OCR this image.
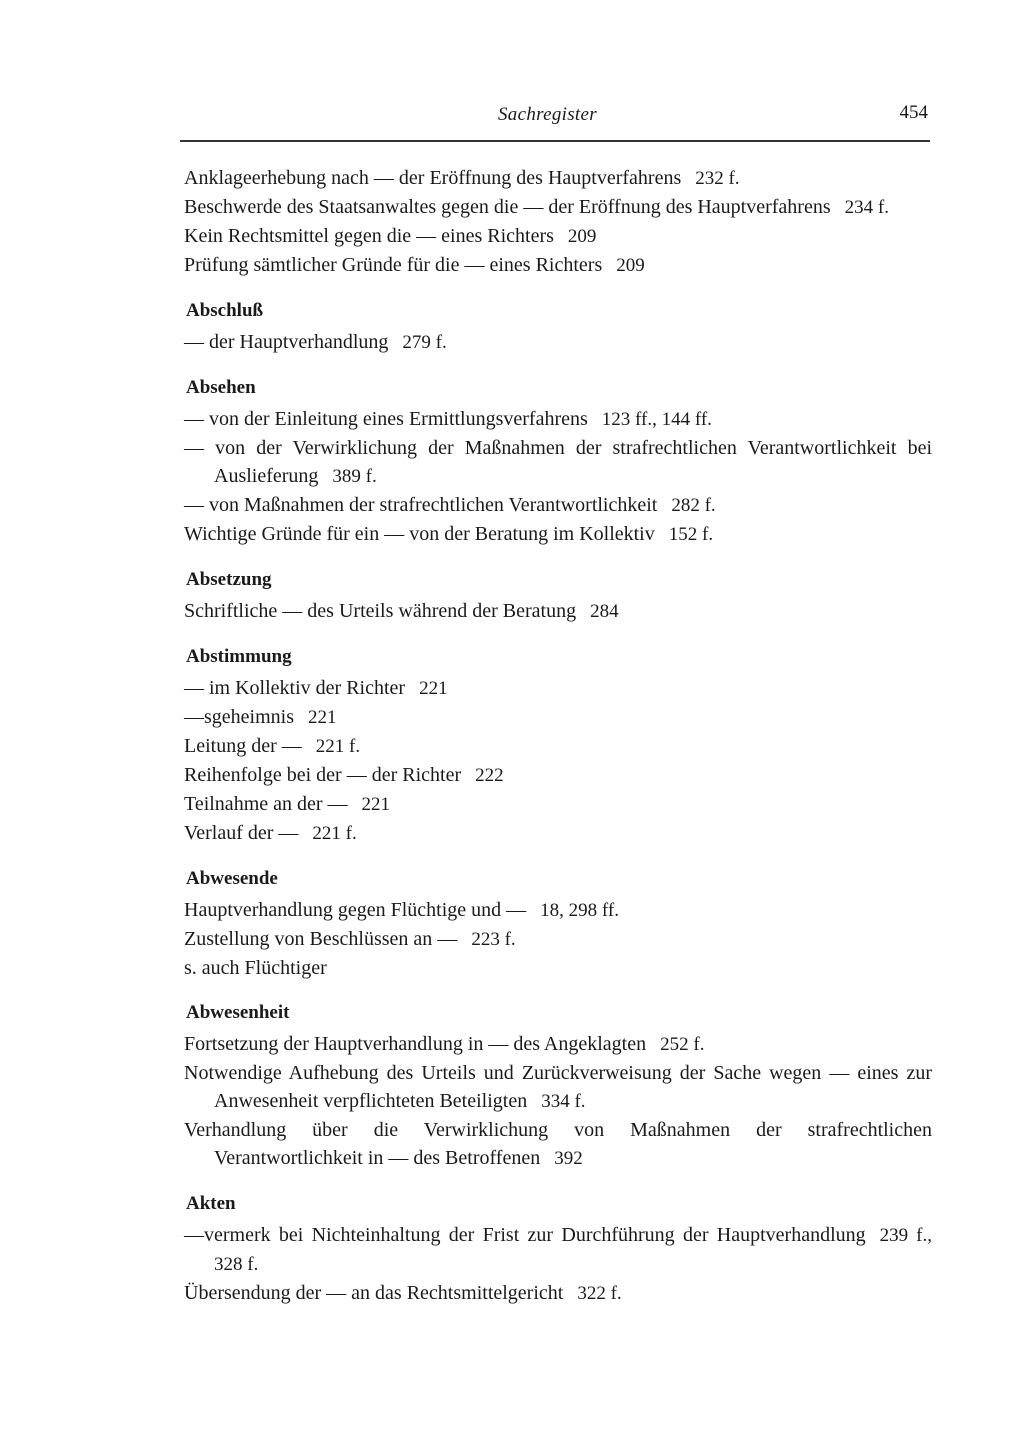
Sachregister	454

Anklageerhebung nach — der Eröffnung des Hauptverfahrens 232 f.

Beschwerde des Staatsanwaltes gegen die — der Eröffnung des Hauptverfahrens 234 f.

Kein Rechtsmittel gegen die — eines Richters 209

Prüfung sämtlicher Gründe für die — eines Richters 209

Abschluß

— der Hauptverhandlung 279 f.

Absehen

— von der Einleitung eines Ermittlungsverfahrens 123 ff., 144 ff.

— von der Verwirklichung der Maßnahmen der strafrechtlichen Verantwortlichkeit bei Auslieferung 389 f.

— von Maßnahmen der strafrechtlichen Verantwortlichkeit 282 f.

Wichtige Gründe für ein — von der Beratung im Kollektiv 152 f.

Absetzung

Schriftliche — des Urteils während der Beratung 284

Abstimmung

— im Kollektiv der Richter 221

—sgeheimnis 221

Leitung der — 221 f.

Reihenfolge bei der — der Richter 222

Teilnahme an der — 221

Verlauf der — 221 f.

Abwesende

Hauptverhandlung gegen Flüchtige und — 18, 298 ff.

Zustellung von Beschlüssen an — 223 f.

s. auch Flüchtiger

Abwesenheit

Fortsetzung der Hauptverhandlung in — des Angeklagten 252 f.

Notwendige Aufhebung des Urteils und Zurückverweisung der Sache wegen — eines zur Anwesenheit verpflichteten Beteiligten 334 f.

Verhandlung über die Verwirklichung von Maßnahmen der strafrechtlichen Verantwortlichkeit in — des Betroffenen 392

Akten

—vermerk bei Nichteinhaltung der Frist zur Durchführung der Hauptverhandlung 239 f., 328 f.

Übersendung der — an das Rechtsmittelgericht 322 f.
